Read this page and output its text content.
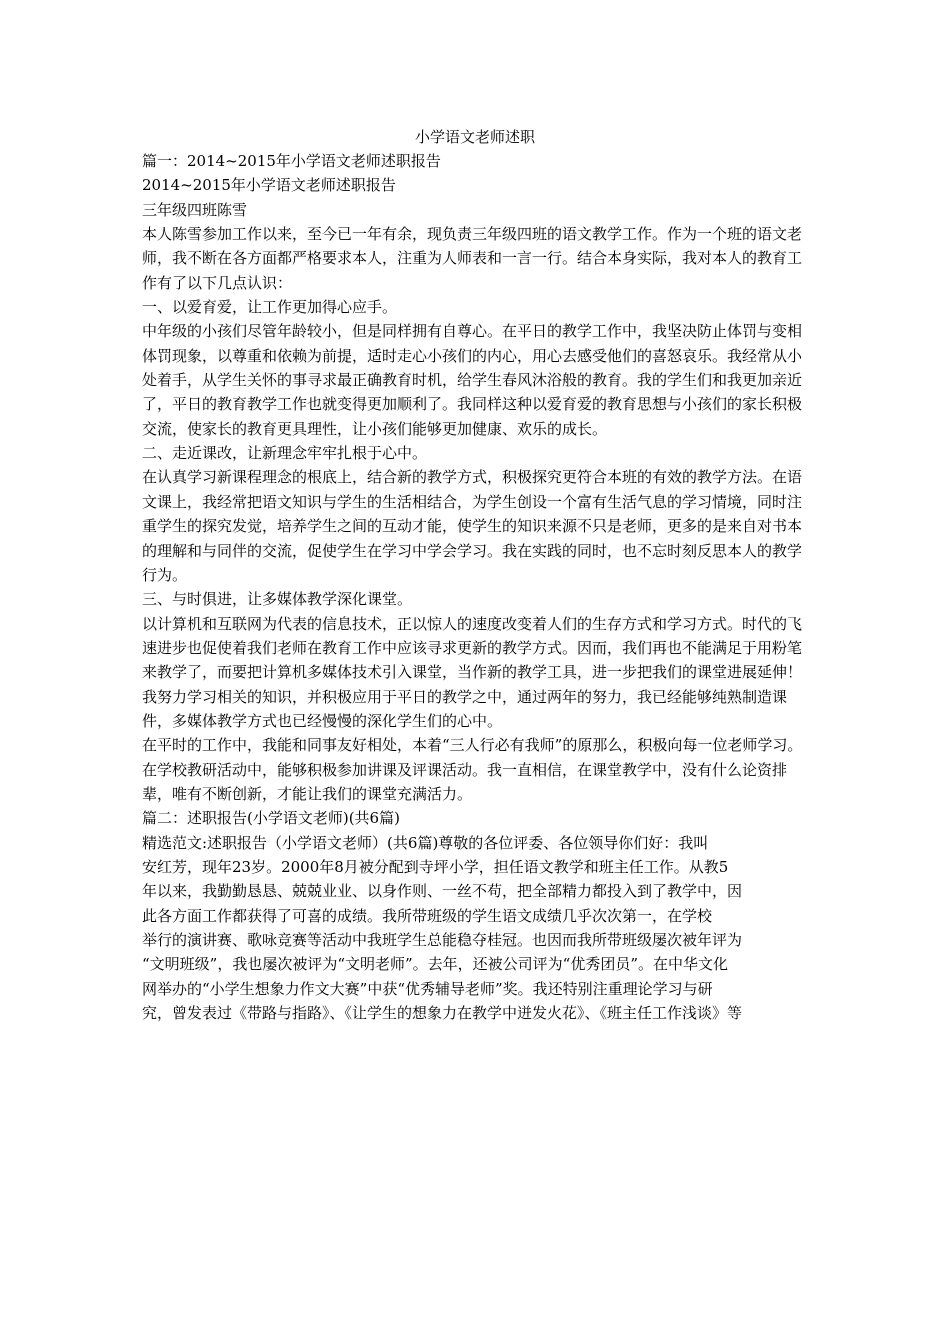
小学语文老师述职

篇一：2014~2015年小学语文老师述职报告

2014~2015年小学语文老师述职报告

三年级四班陈雪

本人陈雪参加工作以来，至今已一年有余，现负责三年级四班的语文教学工作。作为一个班的语文老师，我不断在各方面都严格要求本人，注重为人师表和一言一行。结合本身实际，我对本人的教育工作有了以下几点认识：

一、以爱育爱，让工作更加得心应手。

中年级的小孩们尽管年龄较小，但是同样拥有自尊心。在平日的教学工作中，我坚决防止体罚与变相体罚现象，以尊重和依赖为前提，适时走心小孩们的内心，用心去感受他们的喜怒哀乐。我经常从小处着手，从学生关怀的事寻求最正确教育时机，给学生春风沐浴般的教育。我的学生们和我更加亲近了，平日的教育教学工作也就变得更加顺利了。我同样这种以爱育爱的教育思想与小孩们的家长积极交流，使家长的教育更具理性，让小孩们能够更加健康、欢乐的成长。

二、走近课改，让新理念牢牢扎根于心中。

在认真学习新课程理念的根底上，结合新的教学方式，积极探究更符合本班的有效的教学方法。在语文课上，我经常把语文知识与学生的生活相结合，为学生创设一个富有生活气息的学习情境，同时注重学生的探究发觉，培养学生之间的互动才能，使学生的知识来源不只是老师，更多的是来自对书本的理解和与同伴的交流，促使学生在学习中学会学习。我在实践的同时，也不忘时刻反思本人的教学行为。

三、与时俱进，让多媒体教学深化课堂。

以计算机和互联网为代表的信息技术，正以惊人的速度改变着人们的生存方式和学习方式。时代的飞速进步也促使着我们老师在教育工作中应该寻求更新的教学方式。因而，我们再也不能满足于用粉笔来教学了，而要把计算机多媒体技术引入课堂，当作新的教学工具，进一步把我们的课堂进展延伸！我努力学习相关的知识，并积极应用于平日的教学之中，通过两年的努力，我已经能够纯熟制造课件，多媒体教学方式也已经慢慢的深化学生们的心中。

在平时的工作中，我能和同事友好相处，本着“三人行必有我师”的原那么，积极向每一位老师学习。在学校教研活动中，能够积极参加讲课及评课活动。我一直相信，在课堂教学中，没有什么论资排辈，唯有不断创新，才能让我们的课堂充满活力。

篇二：述职报告(小学语文老师)(共6篇)

精选范文:述职报告（小学语文老师）(共6篇)尊敬的各位评委、各位领导你们好：我叫

安红芳，现年23岁。2000年8月被分配到寺坪小学，担任语文教学和班主任工作。从教5

年以来，我勤勤恳恳、兢兢业业、以身作则、一丝不苟，把全部精力都投入到了教学中，因

此各方面工作都获得了可喜的成绩。我所带班级的学生语文成绩几乎次次第一，在学校

举行的演讲赛、歌咏竞赛等活动中我班学生总能稳夺桂冠。也因而我所带班级屡次被年评为

“文明班级”，我也屡次被评为“文明老师”。去年，还被公司评为“优秀团员”。在中华文化

网举办的“小学生想象力作文大赛”中获“优秀辅导老师”奖。我还特别注重理论学习与研

究，曾发表过《带路与指路》、《让学生的想象力在教学中迸发火花》、《班主任工作浅谈》等
